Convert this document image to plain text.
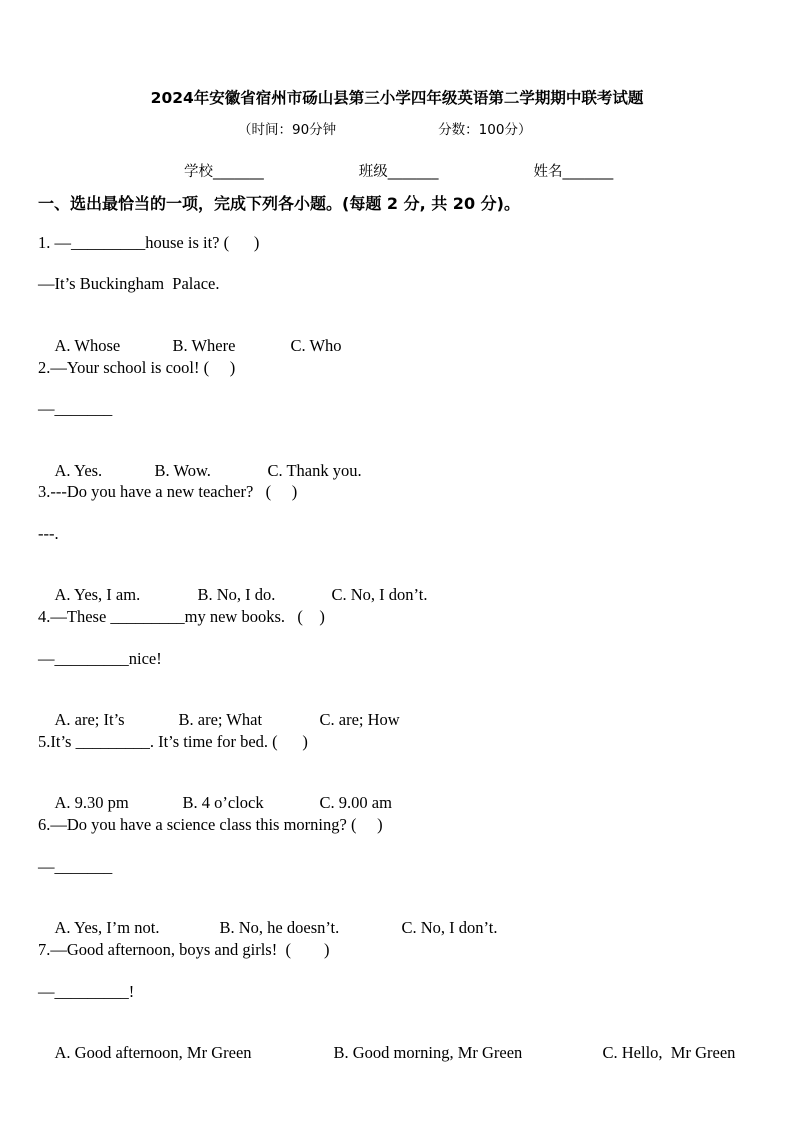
2024年安徽省宿州市砀山县第三小学四年级英语第二学期期中联考试题
（时间：90分钟	分数：100分）
学校_______	班级_______	姓名_______
一、选出最恰当的一项，完成下列各小题。(每题 2 分, 共 20 分)。
1. —_________house is it? (      )
—It’s Buckingham  Palace.

A. Whose	B. Where	C. Who

2.—Your school is cool! (     )
—_______

A. Yes.	B. Wow.	C. Thank you.

3.---Do you have a new teacher?   (     )
---.

A. Yes, I am.	B. No, I do.	C. No, I don’t.

4.—These _________my new books.   (    )
—_________nice!

A. are; It’s	B. are; What	C. are; How

5.It’s _________. It’s time for bed. (      )

A. 9.30 pm	B. 4 o’clock	C. 9.00 am

6.—Do you have a science class this morning? (     )
—_______

A. Yes, I’m not.	B. No, he doesn’t.	C. No, I don’t.

7.—Good afternoon, boys and girls!  (        )
—_________!

A. Good afternoon, Mr Green	B. Good morning, Mr Green	C. Hello,  Mr Green
